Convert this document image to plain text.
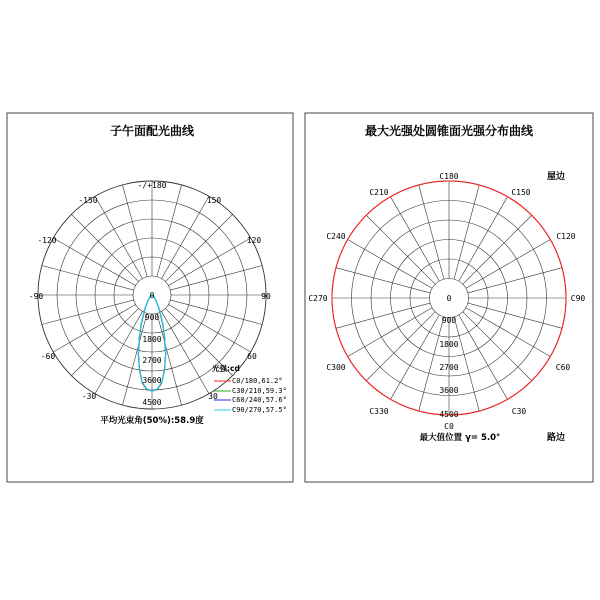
子午面配光曲线
-/+180
-150	150
-120	120
-90	90
-60	60
-30	30
0
900
1800
2700
3600
4500
光强:cd
C0/180,61.2°
C30/210,59.3°
C60/240,57.6°
C90/270,57.5°
平均光束角(50%):58.9度
最大光强处圆锥面光强分布曲线
C180
C210	C150
C240	C120
C270	C90
C300	C60
C330	C30
C0
0
900
1800
2700
3600
4500
屋边
路边
最大值位置 γ= 5.0°
